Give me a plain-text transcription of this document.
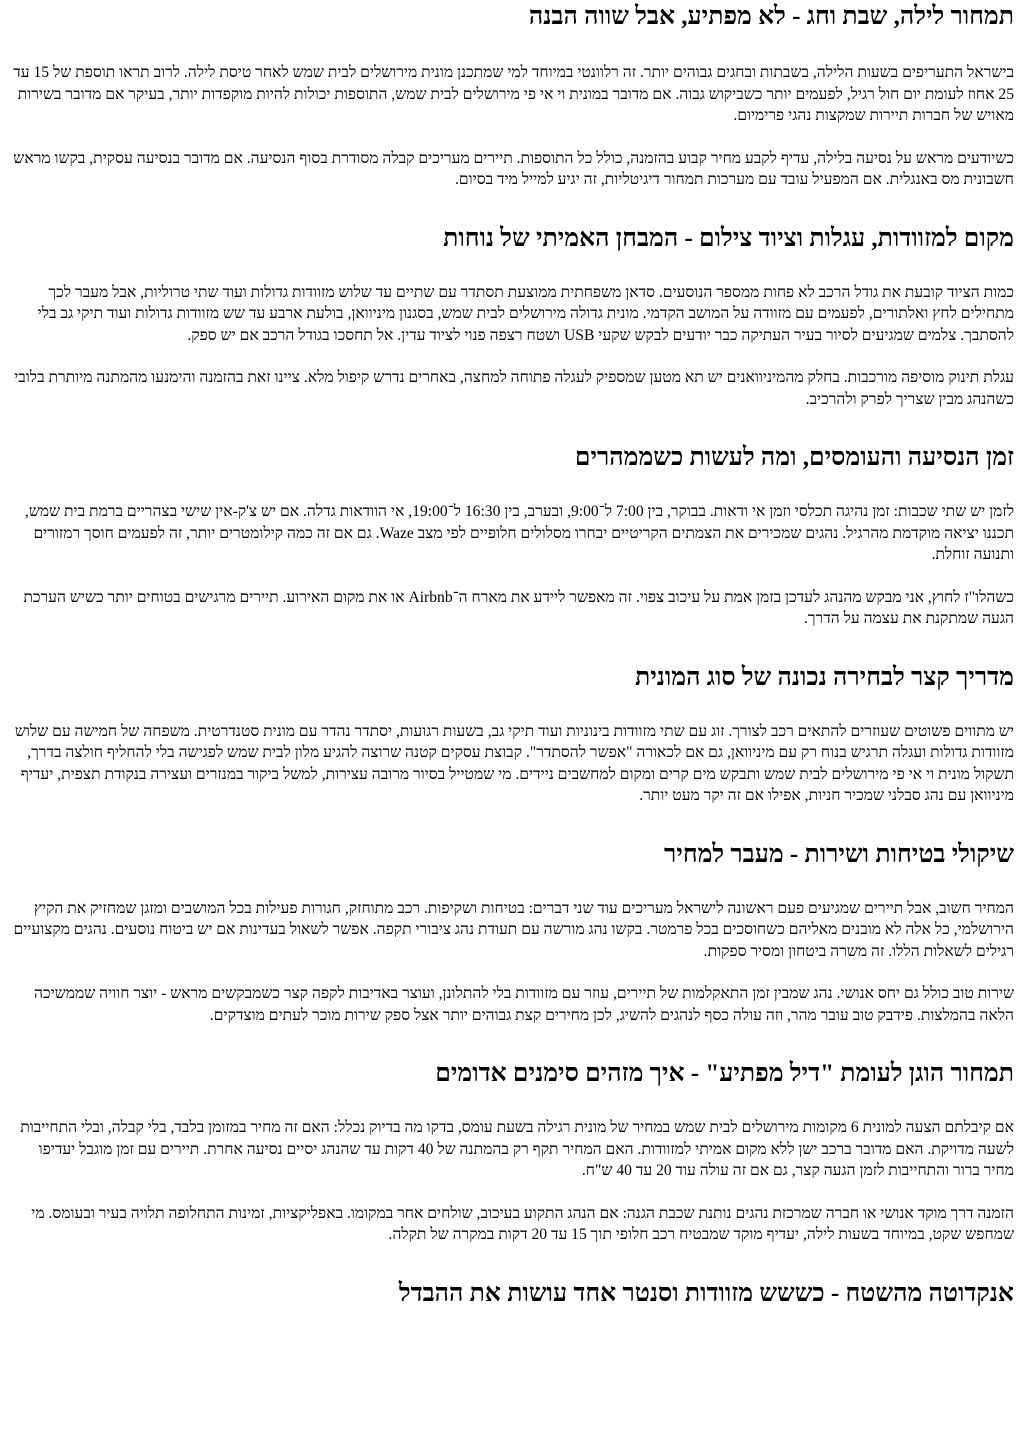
תמחור לילה, שבת וחג - לא מפתיע, אבל שווה הבנה

בישראל התעריפים בשעות הלילה, בשבתות ובחגים גבוהים יותר. זה רלוונטי במיוחד למי שמתכנן מונית מירושלים לבית שמש לאחר טיסת לילה. לרוב תראו תוספת של 15 עד 25 אחוז לעומת יום חול רגיל, לפעמים יותר כשביקוש גבוה. אם מדובר במונית וי אי פי מירושלים לבית שמש, התוספות יכולות להיות מוקפדות יותר, בעיקר אם מדובר בשירות מאויש של חברות תיירות שמקצות נהגי פרימיום.

כשיודעים מראש על נסיעה בלילה, עדיף לקבע מחיר קבוע בהזמנה, כולל כל התוספות. תיירים מעריכים קבלה מסודרת בסוף הנסיעה. אם מדובר בנסיעה עסקית, בקשו מראש חשבונית מס באנגלית. אם המפעיל עובד עם מערכות תמחור דיגיטליות, זה יגיע למייל מיד בסיום.

מקום למזוודות, עגלות וציוד צילום - המבחן האמיתי של נוחות

כמות הציוד קובעת את גודל הרכב לא פחות ממספר הנוסעים. סדאן משפחתית ממוצעת תסתדר עם שתיים עד שלוש מזוודות גדולות ועוד שתי טרוליות, אבל מעבר לכך מתחילים לחץ ואלתורים, לפעמים עם מזוודה על המושב הקדמי. מונית גדולה מירושלים לבית שמש, בסגנון מיניוואן, בולעת ארבע עד שש מזוודות גדולות ועוד תיקי גב בלי להסתבך. צלמים שמגיעים לסיור בעיר העתיקה כבר יודעים לבקש שקעי USB ושטח רצפה פנוי לציוד עדין. אל תחסכו בגודל הרכב אם יש ספק.

עגלת תינוק מוסיפה מורכבות. בחלק מהמיניוואנים יש תא מטען שמספיק לעגלה פתוחה למחצה, באחרים נדרש קיפול מלא. ציינו זאת בהזמנה והימנעו מהמתנה מיותרת בלובי כשהנהג מבין שצריך לפרק ולהרכיב.

זמן הנסיעה והעומסים, ומה לעשות כשממהרים

לזמן יש שתי שכבות: זמן נהיגה תכלסי וזמן אי ודאות. בבוקר, בין 7:00 ל־9:00, ובערב, בין 16:30 ל־19:00, אי הוודאות גדלה. אם יש צ'ק-אין שישי בצהריים ברמת בית שמש, תכננו יציאה מוקדמת מהרגיל. נהגים שמכירים את הצמתים הקריטיים יבחרו מסלולים חלופיים לפי מצב Waze. גם אם זה כמה קילומטרים יותר, זה לפעמים חוסך רמזורים ותנועה זוחלת.

כשהלו"ז לחוץ, אני מבקש מהנהג לעדכן בזמן אמת על עיכוב צפוי. זה מאפשר ליידע את מארח ה־Airbnb או את מקום האירוע. תיירים מרגישים בטוחים יותר כשיש הערכת הגעה שמתקנת את עצמה על הדרך.

מדריך קצר לבחירה נכונה של סוג המונית

יש מתווים פשוטים שעוזרים להתאים רכב לצורך. זוג עם שתי מזוודות בינוניות ועוד תיקי גב, בשעות רגועות, יסתדר נהדר עם מונית סטנדרטית. משפחה של חמישה עם שלוש מזוודות גדולות ועגלה תרגיש בנוח רק עם מיניוואן, גם אם לכאורה "אפשר להסתדר". קבוצת עסקים קטנה שרוצה להגיע מלון לבית שמש לפגישה בלי להחליף חולצה בדרך, תשקול מונית וי אי פי מירושלים לבית שמש ותבקש מים קרים ומקום למחשבים ניידים. מי שמטייל בסיור מרובה עצירות, למשל ביקור במנזרים ועצירה בנקודת תצפית, יעדיף מיניוואן עם נהג סבלני שמכיר חניות, אפילו אם זה יקר מעט יותר.

שיקולי בטיחות ושירות - מעבר למחיר

המחיר חשוב, אבל תיירים שמגיעים פעם ראשונה לישראל מעריכים עוד שני דברים: בטיחות ושקיפות. רכב מתוחזק, חגורות פעילות בכל המושבים ומזגן שמחזיק את הקיץ הירושלמי, כל אלה לא מובנים מאליהם כשחוסכים בכל פרמטר. בקשו נהג מורשה עם תעודת נהג ציבורי תקפה. אפשר לשאול בעדינות אם יש ביטוח נוסעים. נהגים מקצועיים רגילים לשאלות הללו. זה משרה ביטחון ומסיר ספקות.

שירות טוב כולל גם יחס אנושי. נהג שמבין זמן התאקלמות של תיירים, עוזר עם מזוודות בלי להתלונן, ועוצר באדיבות לקפה קצר כשמבקשים מראש - יוצר חוויה שממשיכה הלאה בהמלצות. פידבק טוב עובר מהר, וזה עולה כסף לנהגים להשיג, לכן מחירים קצת גבוהים יותר אצל ספק שירות מוכר לעתים מוצדקים.

תמחור הוגן לעומת "דיל מפתיע" - איך מזהים סימנים אדומים

אם קיבלתם הצעה למונית 6 מקומות מירושלים לבית שמש במחיר של מונית רגילה בשעת עומס, בדקו מה בדיוק נכלל: האם זה מחיר במזומן בלבד, בלי קבלה, ובלי התחייבות לשעה מדויקת. האם מדובר ברכב ישן ללא מקום אמיתי למזוודות. האם המחיר תקף רק בהמתנה של 40 דקות עד שהנהג יסיים נסיעה אחרת. תיירים עם זמן מוגבל יעדיפו מחיר ברור והתחייבות לזמן הגעה קצר, גם אם זה עולה עוד 20 עד 40 ש"ח.

הזמנה דרך מוקד אנושי או חברה שמרכזת נהגים נותנת שכבת הגנה: אם הנהג התקוע בעיכוב, שולחים אחר במקומו. באפליקציות, זמינות התחלופה תלויה בעיר ובעומס. מי שמחפש שקט, במיוחד בשעות לילה, יעדיף מוקד שמבטיח רכב חלופי תוך 15 עד 20 דקות במקרה של תקלה.

אנקדוטה מהשטח - כששש מזוודות וסנטר אחד עושות את ההבדל
